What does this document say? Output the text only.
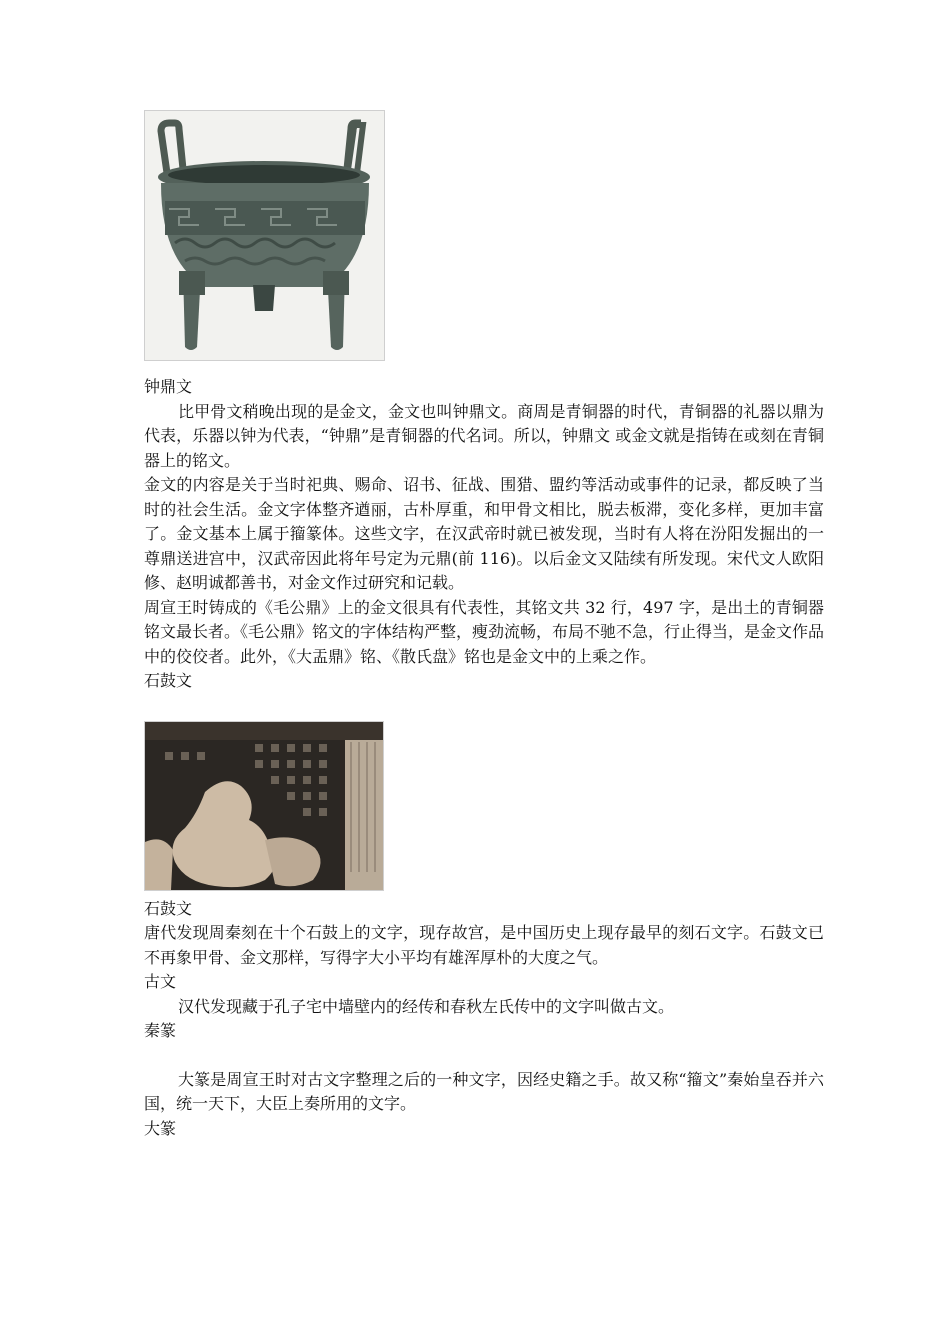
钟鼎文

比甲骨文稍晚出现的是金文，金文也叫钟鼎文。商周是青铜器的时代，青铜器的礼器以鼎为代表，乐器以钟为代表，“钟鼎”是青铜器的代名词。所以，钟鼎文 或金文就是指铸在或刻在青铜器上的铭文。

金文的内容是关于当时祀典、赐命、诏书、征战、围猎、盟约等活动或事件的记录，都反映了当时的社会生活。金文字体整齐遒丽，古朴厚重，和甲骨文相比，脱去板滞，变化多样，更加丰富了。金文基本上属于籀篆体。这些文字，在汉武帝时就已被发现，当时有人将在汾阳发掘出的一尊鼎送进宫中，汉武帝因此将年号定为元鼎(前 116)。以后金文又陆续有所发现。宋代文人欧阳修、赵明诚都善书，对金文作过研究和记载。

周宣王时铸成的《毛公鼎》上的金文很具有代表性，其铭文共 32 行，497 字，是出土的青铜器铭文最长者。《毛公鼎》铭文的字体结构严整，瘦劲流畅，布局不驰不急，行止得当，是金文作品中的佼佼者。此外，《大盂鼎》铭、《散氏盘》铭也是金文中的上乘之作。

石鼓文

石鼓文

唐代发现周秦刻在十个石鼓上的文字，现存故宫，是中国历史上现存最早的刻石文字。石鼓文已不再象甲骨、金文那样，写得字大小平均有雄浑厚朴的大度之气。

古文

汉代发现藏于孔子宅中墙壁内的经传和春秋左氏传中的文字叫做古文。

秦篆

大篆是周宣王时对古文字整理之后的一种文字，因经史籍之手。故又称“籀文”秦始皇吞并六国，统一天下，大臣上奏所用的文字。

大篆
